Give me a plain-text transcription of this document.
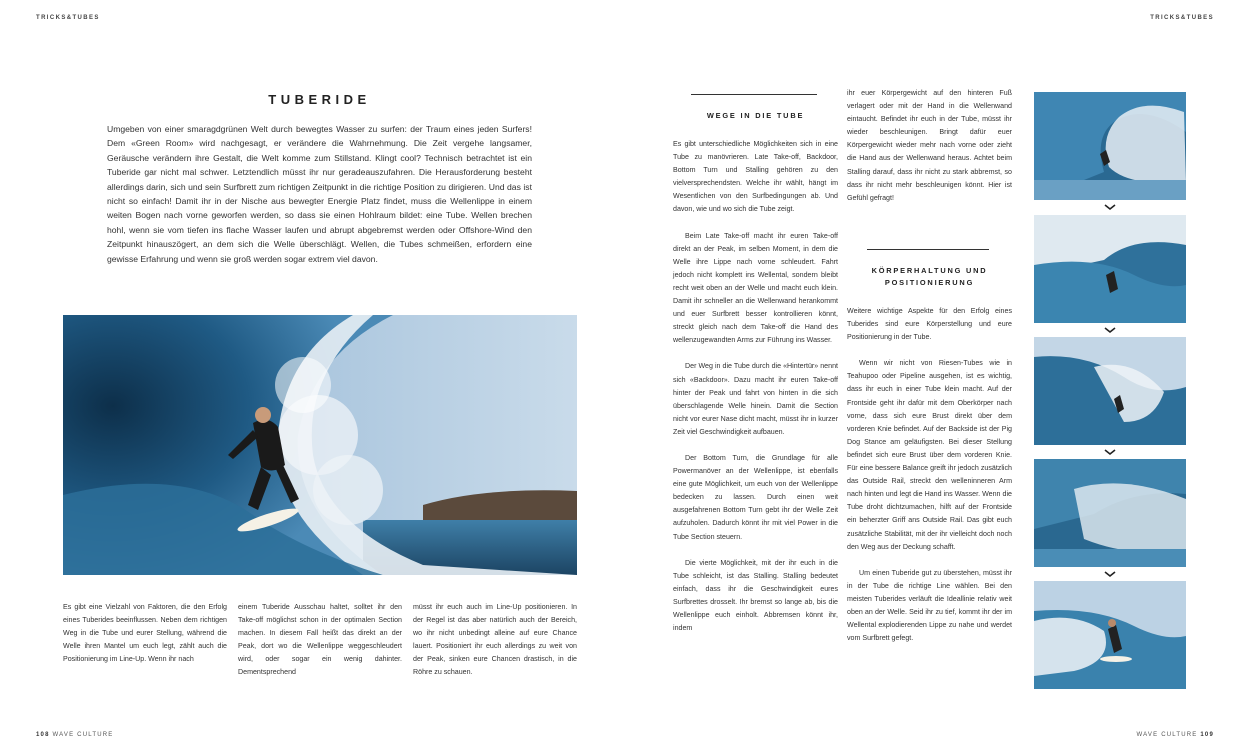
TRICKS&TUBES	TRICKS&TUBES
TUBERIDE
Umgeben von einer smaragdgrünen Welt durch bewegtes Wasser zu surfen: der Traum eines jeden Surfers! Dem «Green Room» wird nachgesagt, er verändere die Wahrnehmung. Die Zeit vergehe langsamer, Geräusche verändern ihre Gestalt, die Welt komme zum Stillstand. Klingt cool? Technisch betrachtet ist ein Tuberide gar nicht mal schwer. Letztendlich müsst ihr nur geradeauszufahren. Die Herausforderung besteht allerdings darin, sich und sein Surfbrett zum richtigen Zeitpunkt in die richtige Position zu dirigieren. Und das ist nicht so einfach! Damit ihr in der Nische aus bewegter Energie Platz findet, muss die Wellenlippe in einem weiten Bogen nach vorne geworfen werden, so dass sie einen Hohlraum bildet: eine Tube. Wellen brechen hohl, wenn sie vom tiefen ins flache Wasser laufen und abrupt abgebremst werden oder Offshore-Wind den Zeitpunkt hinauszögert, an dem sich die Welle überschlägt. Wellen, die Tubes schmeißen, erfordern eine gewisse Erfahrung und wenn sie groß werden sogar extrem viel davon.
Es gibt eine Vielzahl von Faktoren, die den Erfolg eines Tuberides beeinflussen. Neben dem richtigen Weg in die Tube und eurer Stellung, während die Welle ihren Mantel um euch legt, zählt auch die Positionierung im Line-Up. Wenn ihr nach
einem Tuberide Ausschau haltet, solltet ihr den Take-off möglichst schon in der optimalen Section machen. In diesem Fall heißt das direkt an der Peak, dort wo die Wellenlippe weggeschleudert wird, oder sogar ein wenig dahinter. Dementsprechend
müsst ihr euch auch im Line-Up positionieren. In der Regel ist das aber natürlich auch der Bereich, wo ihr nicht unbedingt alleine auf eure Chance lauert. Positioniert ihr euch allerdings zu weit von der Peak, sinken eure Chancen drastisch, in die Röhre zu schauen.
WEGE IN DIE TUBE

Es gibt unterschiedliche Möglichkeiten sich in eine Tube zu manövrieren. Late Take-off, Backdoor, Bottom Turn und Stalling gehören zu den vielversprechendsten. Welche ihr wählt, hängt im Wesentlichen von den Surfbedingungen ab. Und davon, wie und wo sich die Tube zeigt.

Beim Late Take-off macht ihr euren Take-off direkt an der Peak, im selben Moment, in dem die Welle ihre Lippe nach vorne schleudert. Fahrt jedoch nicht komplett ins Wellental, sondern bleibt recht weit oben an der Welle und macht euch klein. Damit ihr schneller an die Wellenwand herankommt und euer Surfbrett besser kontrollieren könnt, streckt gleich nach dem Take-off die Hand des wellenzugewandten Arms zur Führung ins Wasser.

Der Weg in die Tube durch die «Hintertür» nennt sich «Backdoor». Dazu macht ihr euren Take-off hinter der Peak und fahrt von hinten in die sich überschlagende Welle hinein. Damit die Section nicht vor eurer Nase dicht macht, müsst ihr in kurzer Zeit viel Geschwindigkeit aufbauen.

Der Bottom Turn, die Grundlage für alle Powermanöver an der Wellenlippe, ist ebenfalls eine gute Möglichkeit, um euch von der Wellenlippe bedecken zu lassen. Durch einen weit ausgefahrenen Bottom Turn gebt ihr der Welle Zeit aufzuholen. Dadurch könnt ihr mit viel Power in die Tube Section steuern.

Die vierte Möglichkeit, mit der ihr euch in die Tube schleicht, ist das Stalling. Stalling bedeutet einfach, dass ihr die Geschwindigkeit eures Surfbrettes drosselt. Ihr bremst so lange ab, bis die Wellenlippe euch einholt. Abbremsen könnt ihr, indem

ihr euer Körpergewicht auf den hinteren Fuß verlagert oder mit der Hand in die Wellenwand eintaucht. Befindet ihr euch in der Tube, müsst ihr wieder beschleunigen. Bringt dafür euer Körpergewicht wieder mehr nach vorne oder zieht die Hand aus der Wellenwand heraus. Achtet beim Stalling darauf, dass ihr nicht zu stark abbremst, so dass ihr nicht mehr beschleunigen könnt. Hier ist Gefühl gefragt!
KÖRPERHALTUNG UND
POSITIONIERUNG

Weitere wichtige Aspekte für den Erfolg eines Tuberides sind eure Körperstellung und eure Positionierung in der Tube.

Wenn wir nicht von Riesen-Tubes wie in Teahupoo oder Pipeline ausgehen, ist es wichtig, dass ihr euch in einer Tube klein macht. Auf der Frontside geht ihr dafür mit dem Oberkörper nach vorne, dass sich eure Brust direkt über dem vorderen Knie befindet. Auf der Backside ist der Pig Dog Stance am geläufigsten. Bei dieser Stellung befindet sich eure Brust über dem vorderen Knie. Für eine bessere Balance greift ihr jedoch zusätzlich das Outside Rail, streckt den welleninneren Arm nach hinten und legt die Hand ins Wasser. Wenn die Tube droht dichtzumachen, hilft auf der Frontside ein beherzter Griff ans Outside Rail. Das gibt euch zusätzliche Stabilität, mit der ihr vielleicht doch noch den Weg aus der Deckung schafft.

Um einen Tuberide gut zu überstehen, müsst ihr in der Tube die richtige Line wählen. Bei den meisten Tuberides verläuft die Ideallinie relativ weit oben an der Welle. Seid ihr zu tief, kommt ihr der im Wellental explodierenden Lippe zu nahe und werdet vom Surfbrett gefegt.

108 WAVE CULTURE	WAVE CULTURE 109
